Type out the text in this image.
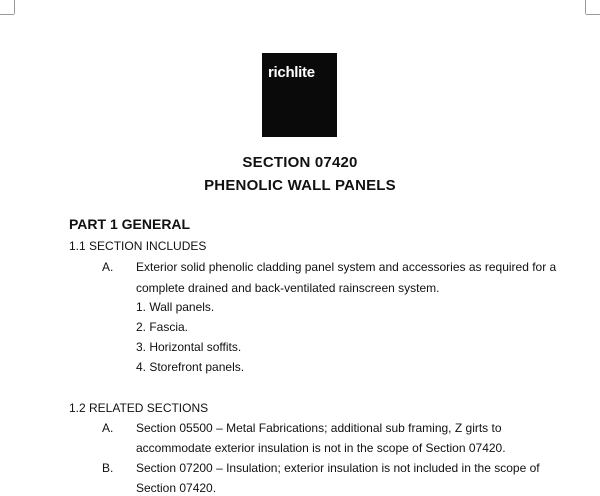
richlite
SECTION 07420
PHENOLIC WALL PANELS
PART 1 GENERAL
1.1 SECTION INCLUDES
A. Exterior solid phenolic cladding panel system and accessories as required for a
complete drained and back-ventilated rainscreen system.
1. Wall panels.
2. Fascia.
3. Horizontal soffits.
4. Storefront panels.
1.2 RELATED SECTIONS
A. Section 05500 – Metal Fabrications; additional sub framing, Z girts to
accommodate exterior insulation is not in the scope of Section 07420.
B. Section 07200 – Insulation; exterior insulation is not included in the scope of
Section 07420.
